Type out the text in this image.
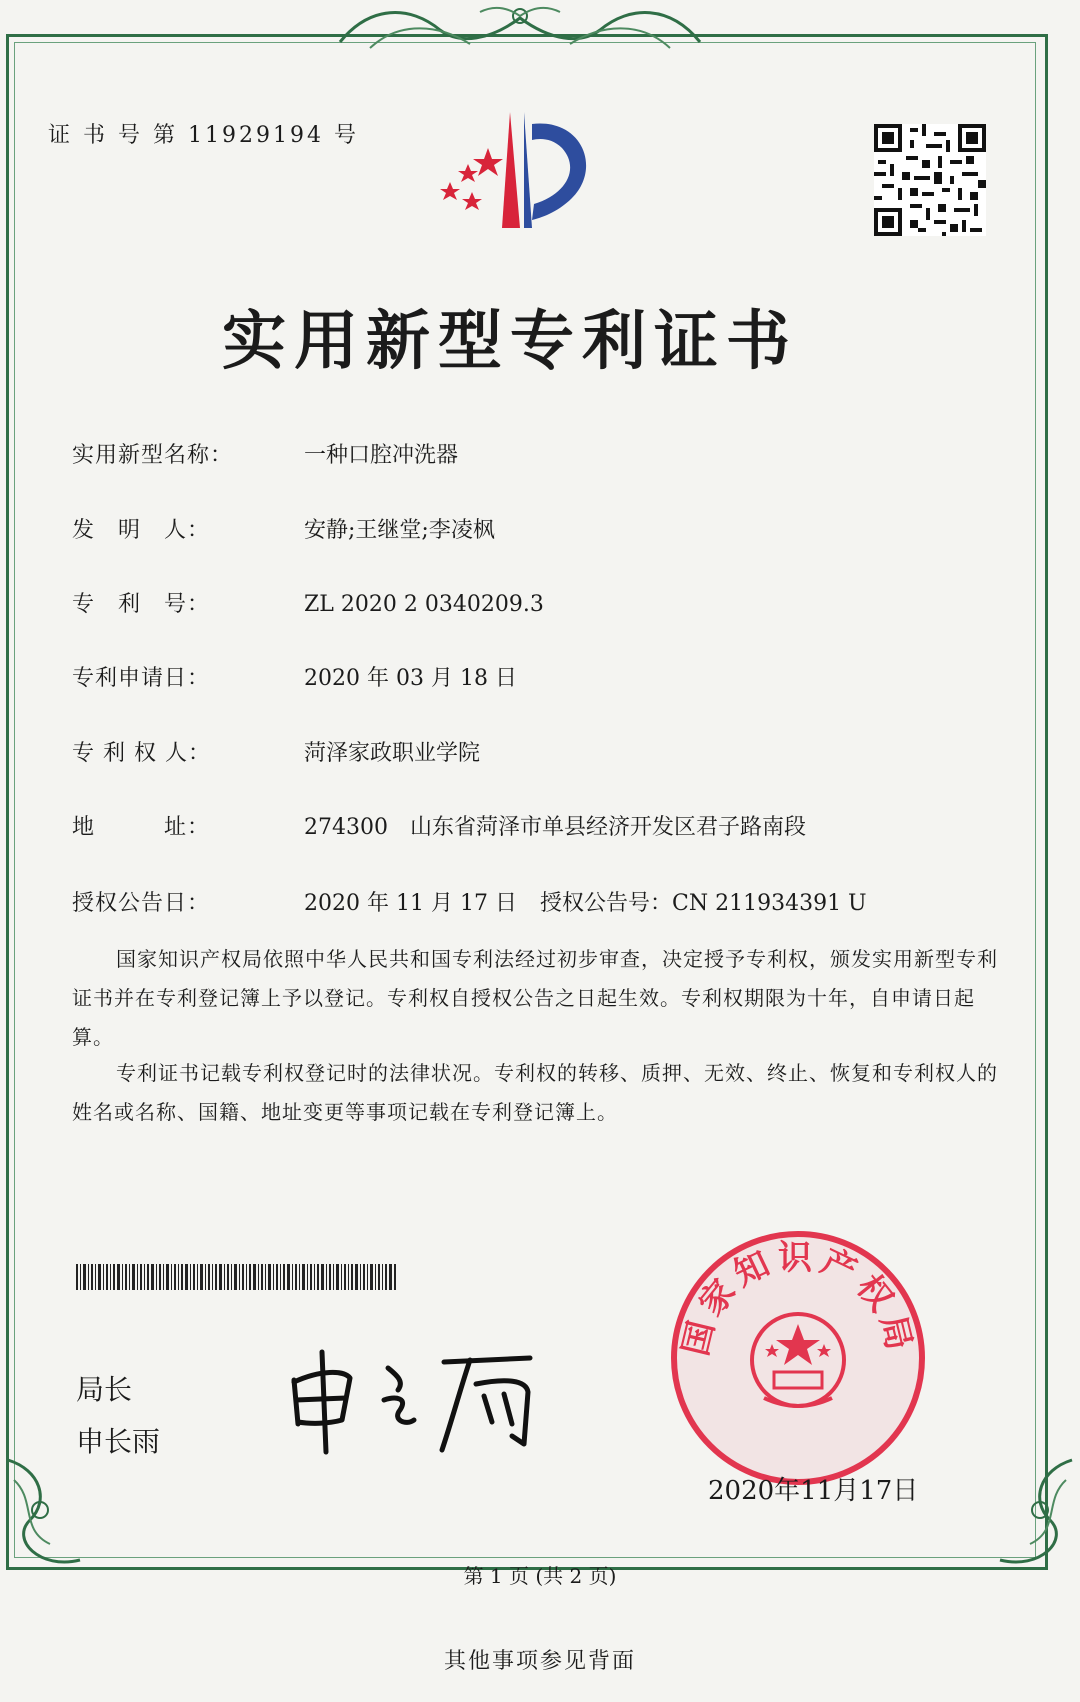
证 书 号 第 11929194 号
实用新型专利证书
实用新型名称：	一种口腔冲洗器
发　明　人：	安静;王继堂;李凌枫
专　利　号：	ZL 2020 2 0340209.3
专利申请日：	2020 年 03 月 18 日
专 利 权 人：	菏泽家政职业学院
地　　　址：	274300　山东省菏泽市单县经济开发区君子路南段
授权公告日：	2020 年 11 月 17 日 授权公告号：CN 211934391 U
国家知识产权局依照中华人民共和国专利法经过初步审查，决定授予专利权，颁发实用新型专利证书并在专利登记簿上予以登记。专利权自授权公告之日起生效。专利权期限为十年，自申请日起算。
专利证书记载专利权登记时的法律状况。专利权的转移、质押、无效、终止、恢复和专利权人的姓名或名称、国籍、地址变更等事项记载在专利登记簿上。
局长
申长雨
国家知识产权局
2020年11月17日
第 1 页 (共 2 页)
其他事项参见背面
